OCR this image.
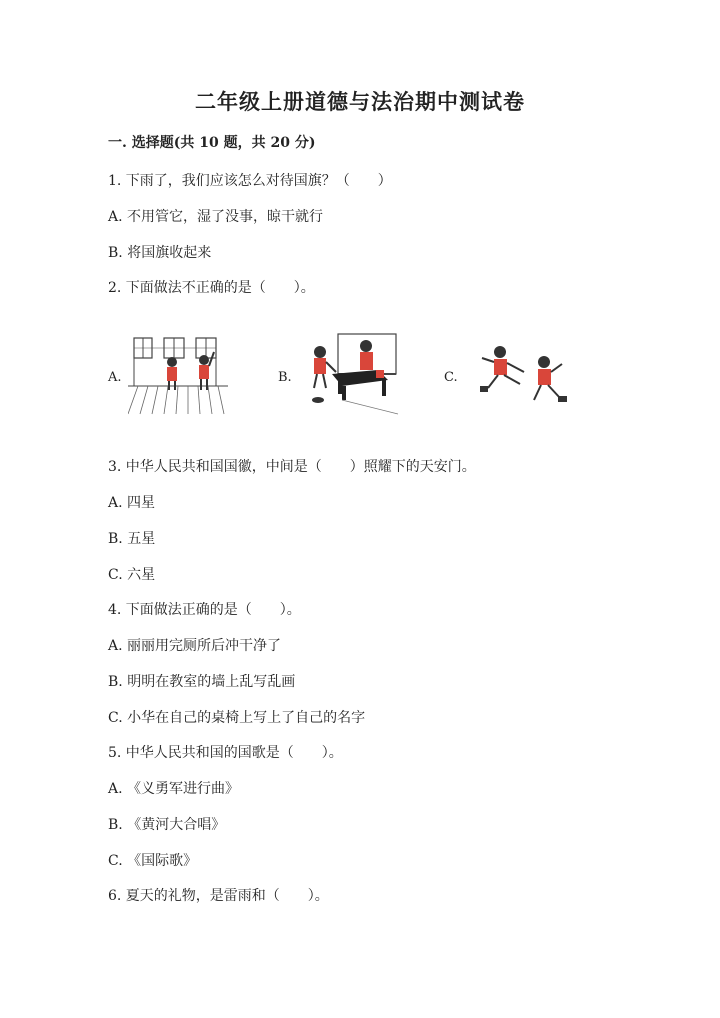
二年级上册道德与法治期中测试卷
一. 选择题(共 10 题，共 20 分)
1. 下雨了，我们应该怎么对待国旗？（　　）
A. 不用管它，湿了没事，晾干就行
B. 将国旗收起来
2. 下面做法不正确的是（　　）。
A.	B.	C.
3. 中华人民共和国国徽，中间是（　　）照耀下的天安门。
A. 四星
B. 五星
C. 六星
4. 下面做法正确的是（　　）。
A. 丽丽用完厕所后冲干净了
B. 明明在教室的墙上乱写乱画
C. 小华在自己的桌椅上写上了自己的名字
5. 中华人民共和国的国歌是（　　）。
A. 《义勇军进行曲》
B. 《黄河大合唱》
C. 《国际歌》
6. 夏天的礼物，是雷雨和（　　）。
